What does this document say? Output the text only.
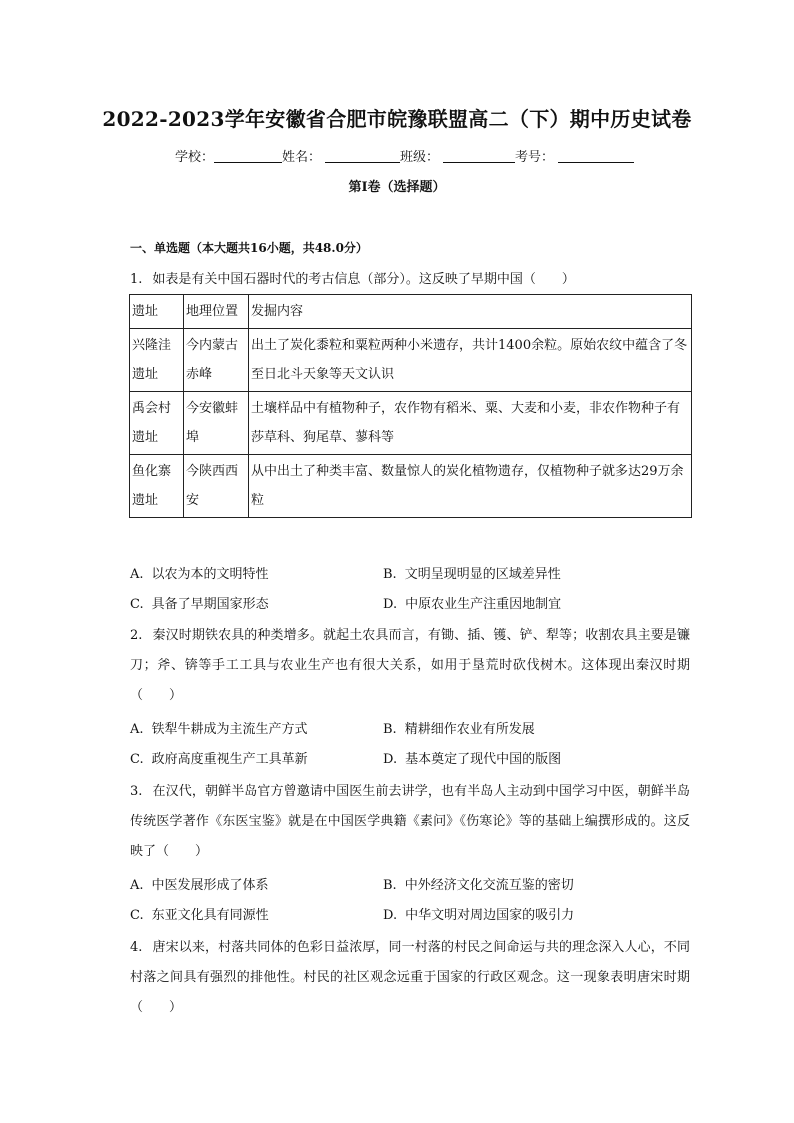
2022-2023学年安徽省合肥市皖豫联盟高二（下）期中历史试卷
学校：	姓名：	班级：	考号：
第Ⅰ卷（选择题）
一、单选题（本大题共16小题，共48.0分）
1. 如表是有关中国石器时代的考古信息（部分）。这反映了早期中国（　　）
遗址	地理位置	发掘内容
兴隆洼遗址	今内蒙古赤峰	出土了炭化黍粒和粟粒两种小米遗存，共计1400余粒。原始农纹中蕴含了冬至日北斗天象等天文认识
禹会村遗址	今安徽蚌埠	土壤样品中有植物种子，农作物有稻米、粟、大麦和小麦，非农作物种子有莎草科、狗尾草、蓼科等
鱼化寨遗址	今陕西西安	从中出土了种类丰富、数量惊人的炭化植物遗存，仅植物种子就多达29万余粒
A. 以农为本的文明特性	B. 文明呈现明显的区域差异性
C. 具备了早期国家形态	D. 中原农业生产注重因地制宜
2. 秦汉时期铁农具的种类增多。就起土农具而言，有锄、插、镬、铲、犁等；收割农具主要是镰刀；斧、锛等手工工具与农业生产也有很大关系，如用于垦荒时砍伐树木。这体现出秦汉时期（　　）
A. 铁犁牛耕成为主流生产方式	B. 精耕细作农业有所发展
C. 政府高度重视生产工具革新	D. 基本奠定了现代中国的版图
3. 在汉代，朝鲜半岛官方曾邀请中国医生前去讲学，也有半岛人主动到中国学习中医，朝鲜半岛传统医学著作《东医宝鉴》就是在中国医学典籍《素问》《伤寒论》等的基础上编撰形成的。这反映了（　　）
A. 中医发展形成了体系	B. 中外经济文化交流互鉴的密切
C. 东亚文化具有同源性	D. 中华文明对周边国家的吸引力
4. 唐宋以来，村落共同体的色彩日益浓厚，同一村落的村民之间命运与共的理念深入人心，不同村落之间具有强烈的排他性。村民的社区观念远重于国家的行政区观念。这一现象表明唐宋时期（　　）
